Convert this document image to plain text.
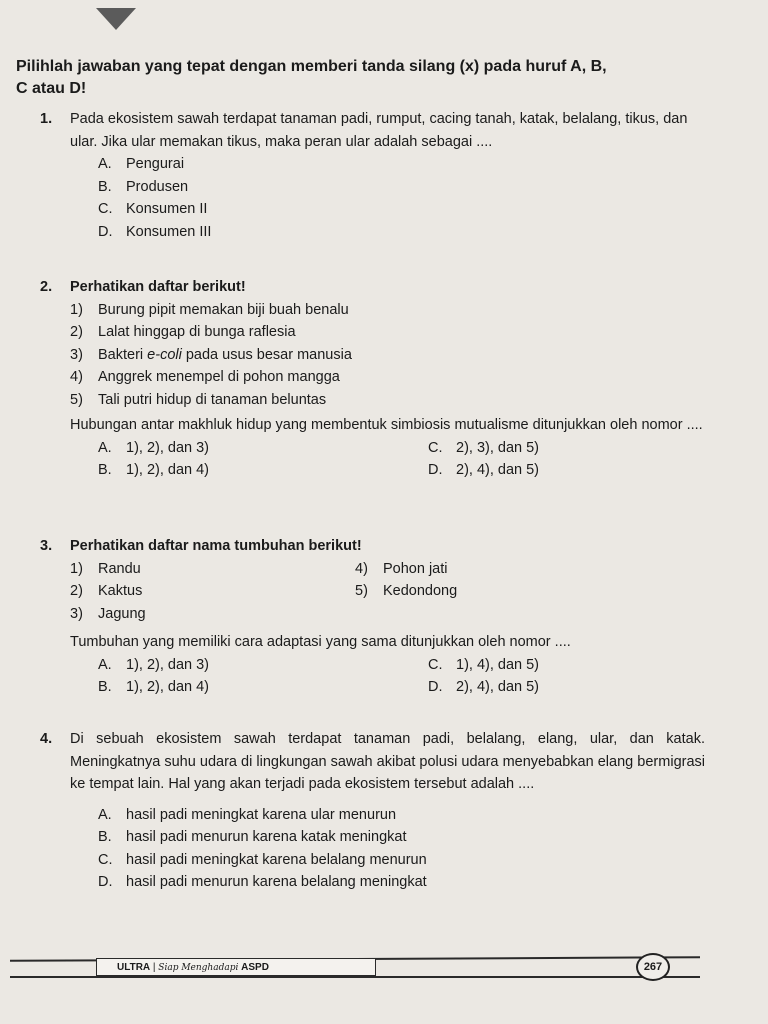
Pilihlah jawaban yang tepat dengan memberi tanda silang (x) pada huruf A, B,
C atau D!
1. Pada ekosistem sawah terdapat tanaman padi, rumput, cacing tanah, katak, belalang, tikus, dan ular. Jika ular memakan tikus, maka peran ular adalah sebagai ....
A. Pengurai
B. Produsen
C. Konsumen II
D. Konsumen III
2. Perhatikan daftar berikut!
1)	Burung pipit memakan biji buah benalu
2)	Lalat hinggap di bunga raflesia
3)	Bakteri e-coli pada usus besar manusia
4)	Anggrek menempel di pohon mangga
5)	Tali putri hidup di tanaman beluntas
Hubungan antar makhluk hidup yang membentuk simbiosis mutualisme ditunjukkan oleh nomor ....
A. 1), 2), dan 3)	C. 2), 3), dan 5)
B. 1), 2), dan 4)	D. 2), 4), dan 5)
3. Perhatikan daftar nama tumbuhan berikut!
1)	Randu	4)	Pohon jati
2)	Kaktus	5)	Kedondong
3)	Jagung
Tumbuhan yang memiliki cara adaptasi yang sama ditunjukkan oleh nomor ....
A. 1), 2), dan 3)	C. 1), 4), dan 5)
B. 1), 2), dan 4)	D. 2), 4), dan 5)
4. Di sebuah ekosistem sawah terdapat tanaman padi, belalang, elang, ular, dan katak. Meningkatnya suhu udara di lingkungan sawah akibat polusi udara menyebabkan elang bermigrasi ke tempat lain. Hal yang akan terjadi pada ekosistem tersebut adalah ....
A. hasil padi meningkat karena ular menurun
B. hasil padi menurun karena katak meningkat
C. hasil padi meningkat karena belalang menurun
D. hasil padi menurun karena belalang meningkat
ULTRA | Siap Menghadapi ASPD	267
